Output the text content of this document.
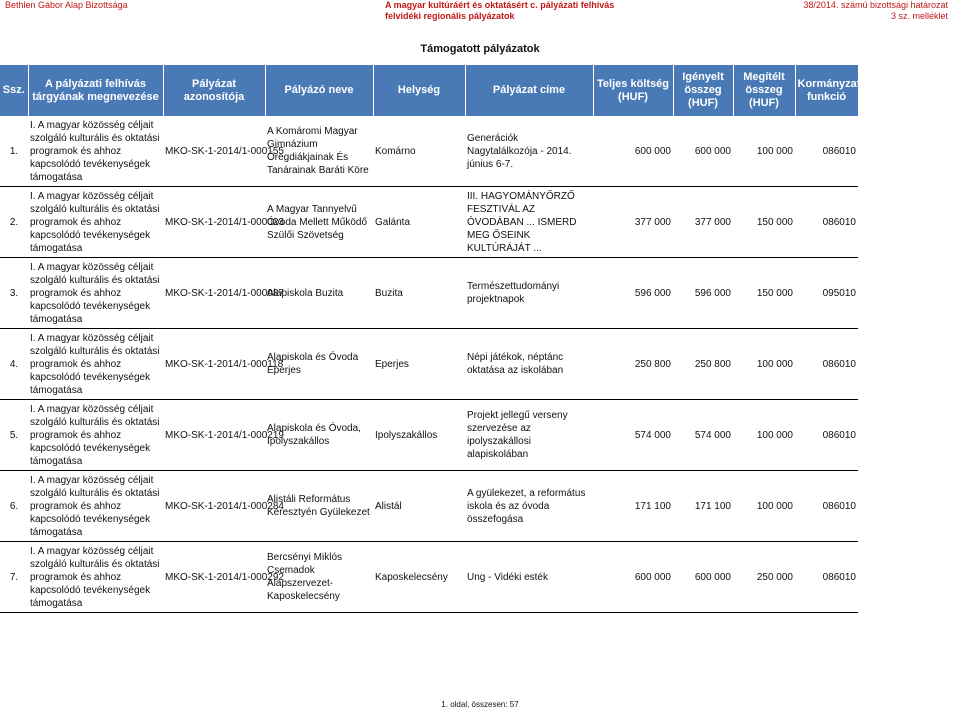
Bethlen Gábor Alap Bizottsága	A magyar kultúráért és oktatásért c. pályázati felhívás
felvidéki regionális pályázatok
38/2014. számú bizottsági határozat
3 sz. melléklet
Támogatott pályázatok
Ssz.	A pályázati felhívás tárgyának megnevezése	Pályázat azonosítója	Pályázó neve	Helység	Pályázat címe	Teljes költség (HUF)	Igényelt összeg (HUF)	Megítélt összeg (HUF)	Kormányzati funkció
1.	I. A magyar közösség céljait szolgáló kulturális és oktatási programok és ahhoz kapcsolódó tevékenységek támogatása	MKO-SK-1-2014/1-000155	A Komáromi Magyar Gimnázium Öregdiákjainak És Tanárainak Baráti Köre	Komárno	Generációk Nagytalálkozója - 2014. június 6-7.	600 000	600 000	100 000	086010
2.	I. A magyar közösség céljait szolgáló kulturális és oktatási programok és ahhoz kapcsolódó tevékenységek támogatása	MKO-SK-1-2014/1-000023	A Magyar Tannyelvű Óvoda Mellett Működő Szülői Szövetség	Galánta	III. HAGYOMÁNYŐRZŐ FESZTIVÁL AZ ÓVODÁBAN ... ISMERD MEG ŐSEINK KULTÚRÁJÁT ...	377 000	377 000	150 000	086010
3.	I. A magyar közösség céljait szolgáló kulturális és oktatási programok és ahhoz kapcsolódó tevékenységek támogatása	MKO-SK-1-2014/1-000087	Alapiskola Buzita	Buzita	Természettudományi projektnapok	596 000	596 000	150 000	095010
4.	I. A magyar közösség céljait szolgáló kulturális és oktatási programok és ahhoz kapcsolódó tevékenységek támogatása	MKO-SK-1-2014/1-000118	Alapiskola és Óvoda Eperjes	Eperjes	Népi játékok, néptánc oktatása az iskolában	250 800	250 800	100 000	086010
5.	I. A magyar közösség céljait szolgáló kulturális és oktatási programok és ahhoz kapcsolódó tevékenységek támogatása	MKO-SK-1-2014/1-000219	Alapiskola és Óvoda, Ipolyszakállos	Ipolyszakállos	Projekt jellegű verseny szervezése az ipolyszakállosi alapiskolában	574 000	574 000	100 000	086010
6.	I. A magyar közösség céljait szolgáló kulturális és oktatási programok és ahhoz kapcsolódó tevékenységek támogatása	MKO-SK-1-2014/1-000284	Alistáli Református Keresztyén Gyülekezet	Alistál	A gyülekezet, a református iskola és az óvoda összefogása	171 100	171 100	100 000	086010
7.	I. A magyar közösség céljait szolgáló kulturális és oktatási programok és ahhoz kapcsolódó tevékenységek támogatása	MKO-SK-1-2014/1-000292	Bercsényi Miklós Csemadok Alapszervezet-Kaposkelecsény	Kaposkelecsény	Ung - Vidéki esték	600 000	600 000	250 000	086010
1. oldal, összesen: 57
